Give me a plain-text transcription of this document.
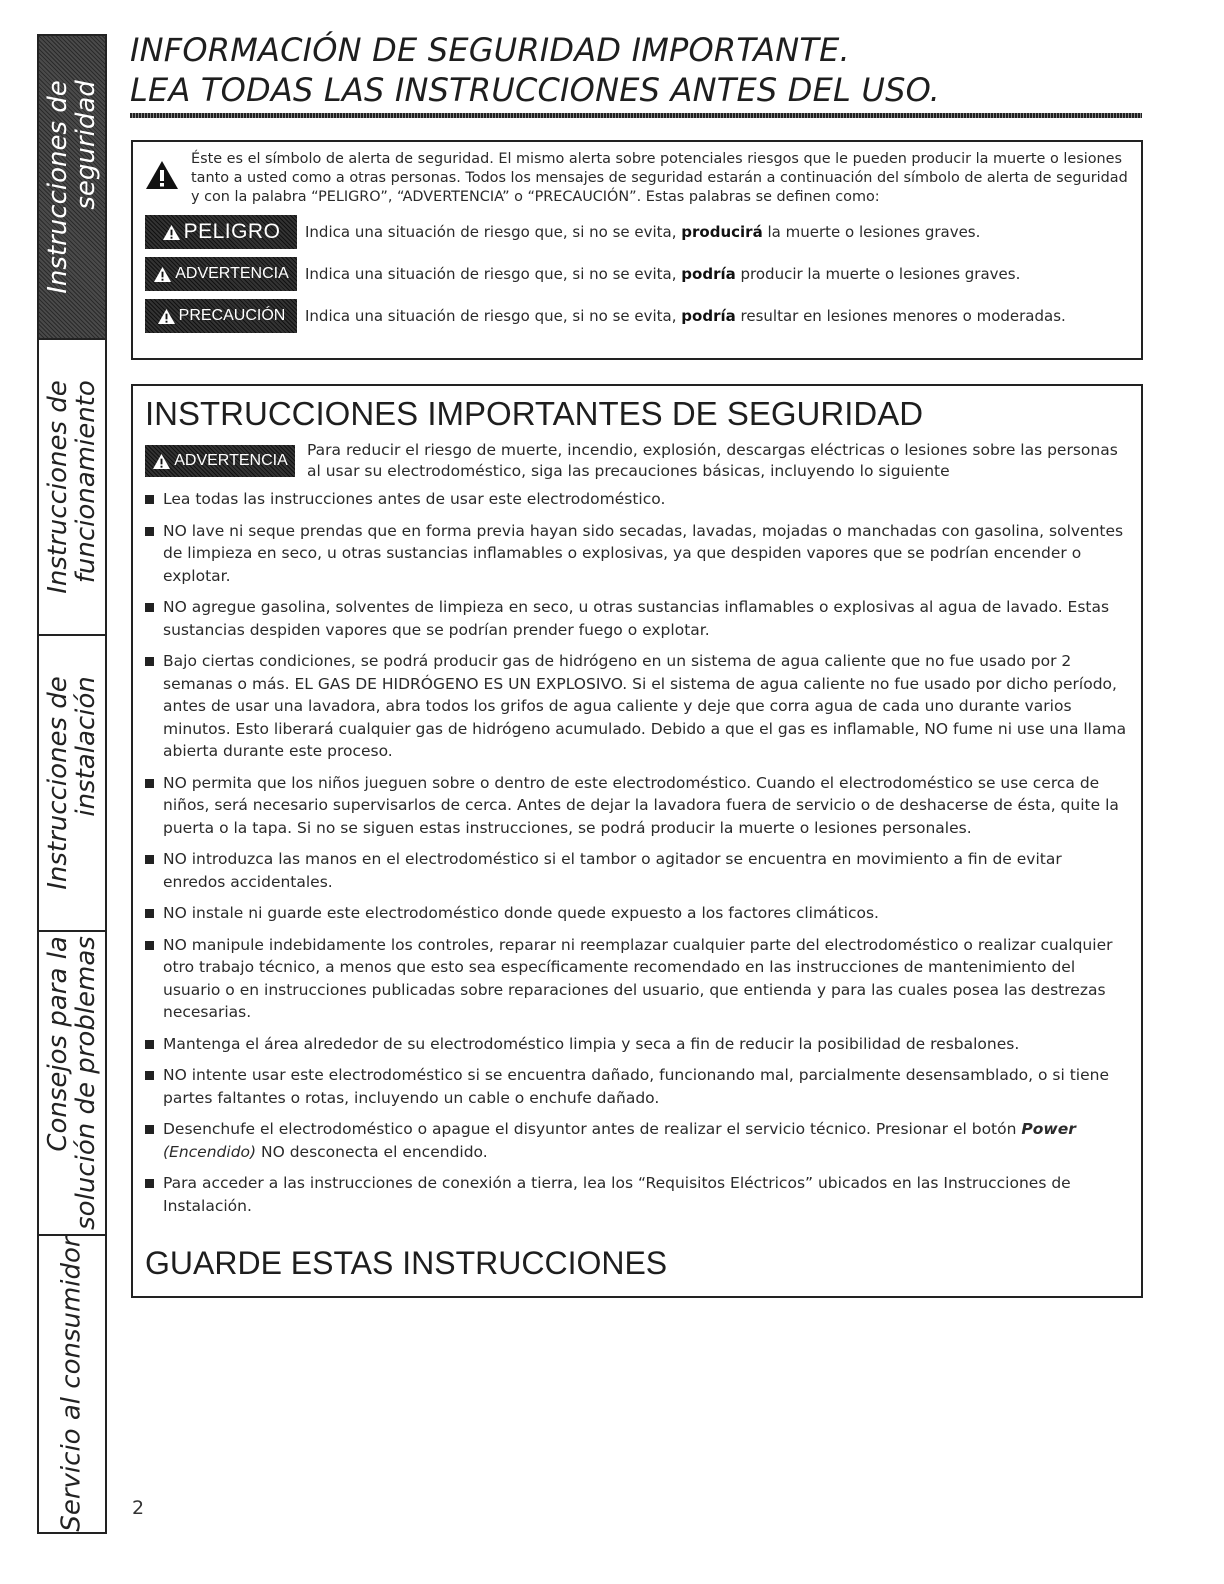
Instrucciones de
seguridad
Instrucciones de
funcionamiento
Instrucciones de
instalación
Consejos para la
solución de problemas
Servicio al consumidor
INFORMACIÓN DE SEGURIDAD IMPORTANTE.
LEA TODAS LAS INSTRUCCIONES ANTES DEL USO.
Éste es el símbolo de alerta de seguridad. El mismo alerta sobre potenciales riesgos que le pueden producir la muerte o lesiones tanto a usted como a otras personas. Todos los mensajes de seguridad estarán a continuación del símbolo de alerta de seguridad y con la palabra “PELIGRO”, “ADVERTENCIA” o “PRECAUCIÓN”. Estas palabras se definen como:
PELIGRO Indica una situación de riesgo que, si no se evita, producirá la muerte o lesiones graves.
ADVERTENCIA Indica una situación de riesgo que, si no se evita, podría producir la muerte o lesiones graves.
PRECAUCIÓN Indica una situación de riesgo que, si no se evita, podría resultar en lesiones menores o moderadas.
INSTRUCCIONES IMPORTANTES DE SEGURIDAD
ADVERTENCIA
Para reducir el riesgo de muerte, incendio, explosión, descargas eléctricas o lesiones sobre las personas al usar su electrodoméstico, siga las precauciones básicas, incluyendo lo siguiente
Lea todas las instrucciones antes de usar este electrodoméstico.
NO lave ni seque prendas que en forma previa hayan sido secadas, lavadas, mojadas o manchadas con gasolina, solventes de limpieza en seco, u otras sustancias inflamables o explosivas, ya que despiden vapores que se podrían encender o explotar.
NO agregue gasolina, solventes de limpieza en seco, u otras sustancias inflamables o explosivas al agua de lavado. Estas sustancias despiden vapores que se podrían prender fuego o explotar.
Bajo ciertas condiciones, se podrá producir gas de hidrógeno en un sistema de agua caliente que no fue usado por 2 semanas o más. EL GAS DE HIDRÓGENO ES UN EXPLOSIVO. Si el sistema de agua caliente no fue usado por dicho período, antes de usar una lavadora, abra todos los grifos de agua caliente y deje que corra agua de cada uno durante varios minutos. Esto liberará cualquier gas de hidrógeno acumulado. Debido a que el gas es inflamable, NO fume ni use una llama abierta durante este proceso.
NO permita que los niños jueguen sobre o dentro de este electrodoméstico. Cuando el electrodoméstico se use cerca de niños, será necesario supervisarlos de cerca. Antes de dejar la lavadora fuera de servicio o de deshacerse de ésta, quite la puerta o la tapa. Si no se siguen estas instrucciones, se podrá producir la muerte o lesiones personales.
NO introduzca las manos en el electrodoméstico si el tambor o agitador se encuentra en movimiento a fin de evitar enredos accidentales.
NO instale ni guarde este electrodoméstico donde quede expuesto a los factores climáticos.
NO manipule indebidamente los controles, reparar ni reemplazar cualquier parte del electrodoméstico o realizar cualquier otro trabajo técnico, a menos que esto sea específicamente recomendado en las instrucciones de mantenimiento del usuario o en instrucciones publicadas sobre reparaciones del usuario, que entienda y para las cuales posea las destrezas necesarias.
Mantenga el área alrededor de su electrodoméstico limpia y seca a fin de reducir la posibilidad de resbalones.
NO intente usar este electrodoméstico si se encuentra dañado, funcionando mal, parcialmente desensamblado, o si tiene partes faltantes o rotas, incluyendo un cable o enchufe dañado.
Desenchufe el electrodoméstico o apague el disyuntor antes de realizar el servicio técnico. Presionar el botón Power (Encendido) NO desconecta el encendido.
Para acceder a las instrucciones de conexión a tierra, lea los “Requisitos Eléctricos” ubicados en las Instrucciones de Instalación.
GUARDE ESTAS INSTRUCCIONES
2
